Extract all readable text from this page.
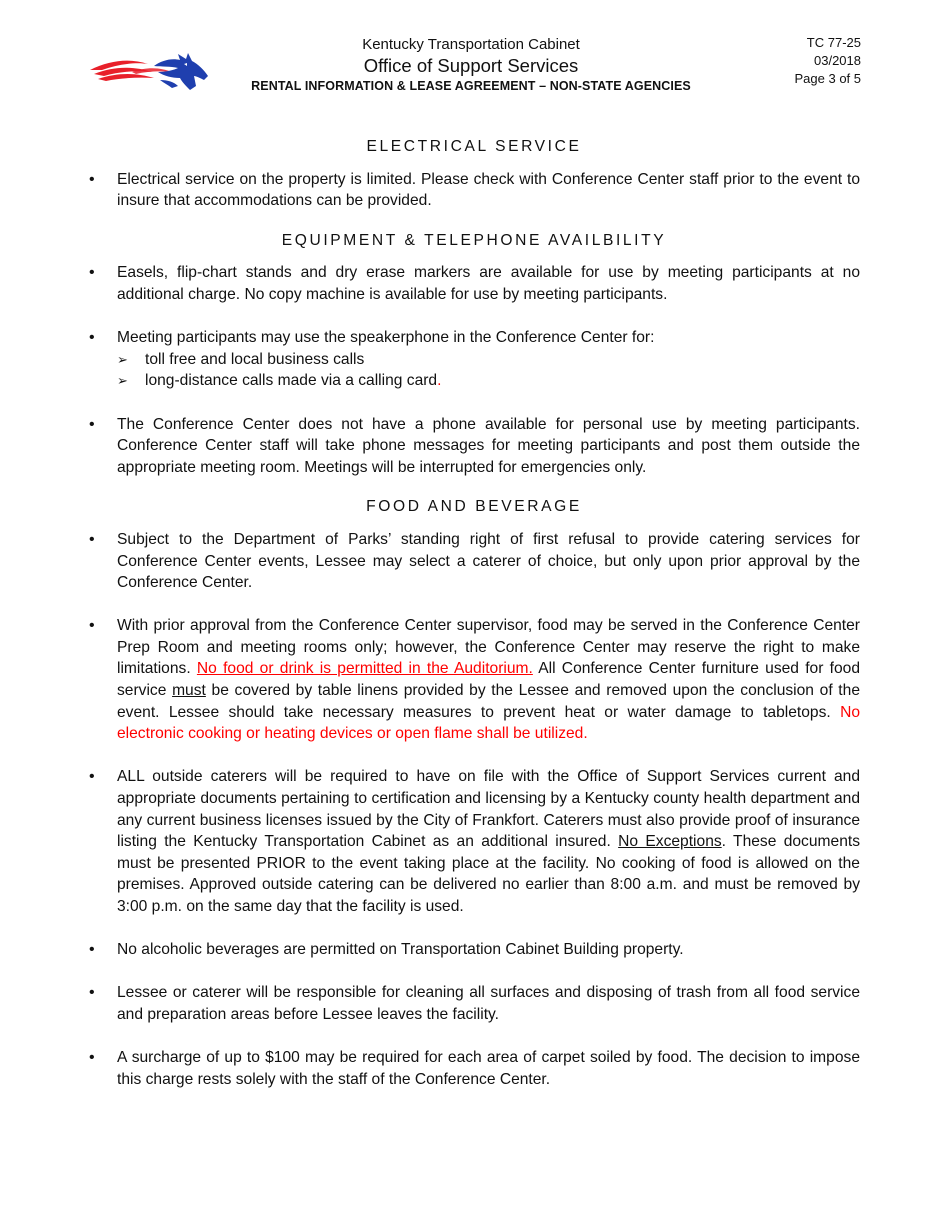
Kentucky Transportation Cabinet
Office of Support Services
RENTAL INFORMATION & LEASE AGREEMENT – NON-STATE AGENCIES
TC 77-25
03/2018
Page 3 of 5
ELECTRICAL SERVICE
• Electrical service on the property is limited. Please check with Conference Center staff prior to the event to insure that accommodations can be provided.
EQUIPMENT & TELEPHONE AVAILBILITY
• Easels, flip-chart stands and dry erase markers are available for use by meeting participants at no additional charge. No copy machine is available for use by meeting participants.
• Meeting participants may use the speakerphone in the Conference Center for:
➢ toll free and local business calls
➢ long-distance calls made via a calling card.
• The Conference Center does not have a phone available for personal use by meeting participants. Conference Center staff will take phone messages for meeting participants and post them outside the appropriate meeting room. Meetings will be interrupted for emergencies only.
FOOD AND BEVERAGE
• Subject to the Department of Parks’ standing right of first refusal to provide catering services for Conference Center events, Lessee may select a caterer of choice, but only upon prior approval by the Conference Center.
• With prior approval from the Conference Center supervisor, food may be served in the Conference Center Prep Room and meeting rooms only; however, the Conference Center may reserve the right to make limitations. No food or drink is permitted in the Auditorium. All Conference Center furniture used for food service must be covered by table linens provided by the Lessee and removed upon the conclusion of the event. Lessee should take necessary measures to prevent heat or water damage to tabletops. No electronic cooking or heating devices or open flame shall be utilized.
• ALL outside caterers will be required to have on file with the Office of Support Services current and appropriate documents pertaining to certification and licensing by a Kentucky county health department and any current business licenses issued by the City of Frankfort. Caterers must also provide proof of insurance listing the Kentucky Transportation Cabinet as an additional insured. No Exceptions. These documents must be presented PRIOR to the event taking place at the facility. No cooking of food is allowed on the premises. Approved outside catering can be delivered no earlier than 8:00 a.m. and must be removed by 3:00 p.m. on the same day that the facility is used.
• No alcoholic beverages are permitted on Transportation Cabinet Building property.
• Lessee or caterer will be responsible for cleaning all surfaces and disposing of trash from all food service and preparation areas before Lessee leaves the facility.
• A surcharge of up to $100 may be required for each area of carpet soiled by food. The decision to impose this charge rests solely with the staff of the Conference Center.
